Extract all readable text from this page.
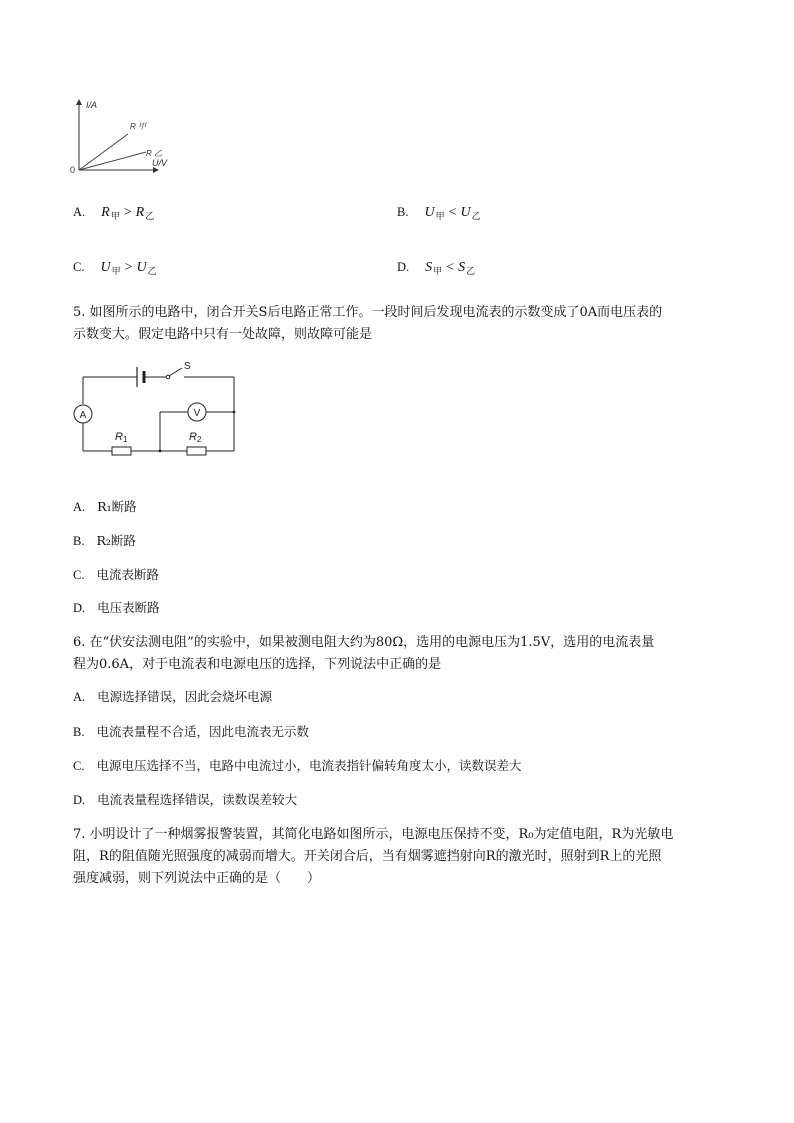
I/A
U/V
0
R 甲
R 乙
A. $R_甲 > R_乙$	B. $U_甲 < U_乙$
C. $U_甲 > U_乙$	D. $S_甲 < S_乙$
5. 如图所示的电路中，闭合开关S后电路正常工作。一段时间后发现电流表的示数变成了0A而电压表的
示数变大。假定电路中只有一处故障，则故障可能是
S
A	V
R1	R2
A. R₁断路
B. R₂断路
C. 电流表断路
D. 电压表断路
6. 在“伏安法测电阻”的实验中，如果被测电阻大约为80Ω，选用的电源电压为1.5V，选用的电流表量
程为0.6A，对于电流表和电源电压的选择，下列说法中正确的是
A. 电源选择错误，因此会烧坏电源
B. 电流表量程不合适，因此电流表无示数
C. 电源电压选择不当，电路中电流过小，电流表指针偏转角度太小，读数误差大
D. 电流表量程选择错误，读数误差较大
7. 小明设计了一种烟雾报警装置，其简化电路如图所示，电源电压保持不变，R₀为定值电阻，R为光敏电
阻，R的阻值随光照强度的减弱而增大。开关闭合后，当有烟雾遮挡射向R的激光时，照射到R上的光照
强度减弱，则下列说法中正确的是（　　）
